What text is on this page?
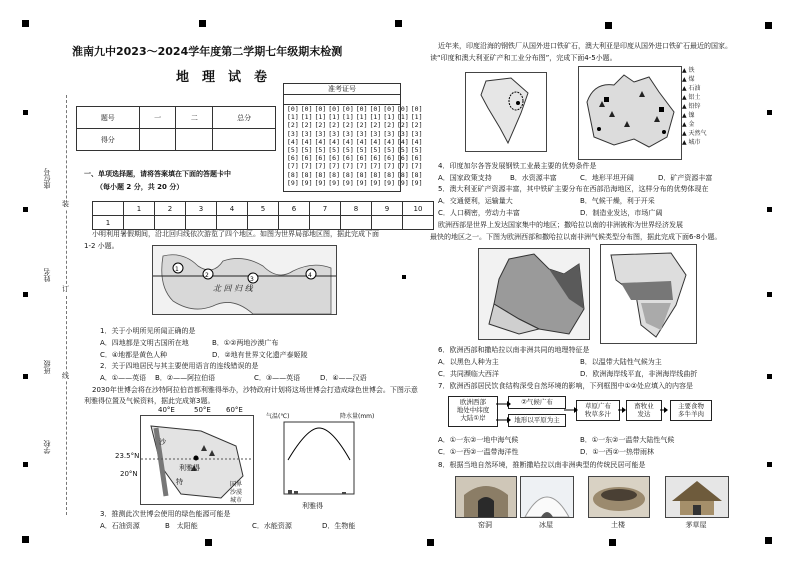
座位号
姓名
班级
学校
装
订
线
淮南九中2023～2024学年度第二学期七年级期末检测
地　理　试　卷
题号	一	二	总分
得分			
准考证号
[0]	[0]	[0]	[0]	[0]	[0]	[0]	[0]	[0]	[0]
[1]	[1]	[1]	[1]	[1]	[1]	[1]	[1]	[1]	[1]
[2]	[2]	[2]	[2]	[2]	[2]	[2]	[2]	[2]	[2]
[3]	[3]	[3]	[3]	[3]	[3]	[3]	[3]	[3]	[3]
[4]	[4]	[4]	[4]	[4]	[4]	[4]	[4]	[4]	[4]
[5]	[5]	[5]	[5]	[5]	[5]	[5]	[5]	[5]	[5]
[6]	[6]	[6]	[6]	[6]	[6]	[6]	[6]	[6]	[6]
[7]	[7]	[7]	[7]	[7]	[7]	[7]	[7]	[7]	[7]
[8]	[8]	[8]	[8]	[8]	[8]	[8]	[8]	[8]	[8]
[9]	[9]	[9]	[9]	[9]	[9]	[9]	[9]	[9]	[9]
一、单项选择题，请将答案填在下面的答题卡中
（每小题 2 分，共 20 分）
	1	2	3	4	5	6	7	8	9	10
1										
小明利用暑假期间，沿北回归线依次游览了四个地区。如图为世界局部地区图，据此完成下面
1-2 小题。
1
2
3
4
北 回 归 线
1．关于小明所见所闻正确的是
A．四地都是文明古国所在地	B．①②两地沙漠广布
C．④地都是黄色人种	D．②地有世界文化遗产泰姬陵
2．关于四地居民与其主要使用语言的连线错误的是
A．①——英语 B．②——阿拉伯语	C．③——英语	D．④——汉语
2030年世博会将在沙特阿拉伯首都利雅得举办，沙特政府计划将这场世博会打造成绿色世博会。下图示意
利雅得位置及气候资料，据此完成第3题。
沙
利雅得
特
40°E	50°E 60°E
23.5°N
20°N
国界
沙漠
城市
气温(℃)	降水量(mm)
利雅得
3．推测此次世博会使用的绿色能源可能是
A．石油资源	B　太阳能	C．水能资源	D．生物能
近年来，印度沿海的钢铁厂从国外进口铁矿石，澳大利亚是印度从国外进口铁矿石最近的国家。
读“印度和澳大利亚矿产和工业分布图”，完成下面4-5小题。
▲ 铁
▲ 煤
▲ 石油
▲ 铝土
▲ 铅锌
▲ 镍
▲ 金
▲ 天然气
▲ 城市
4．印度加尔各答发展钢铁工业最主要的优势条件是
A．国家政策支持	B．水资源丰富	C．地形平坦开阔	D．矿产资源丰富
5．澳大利亚矿产资源丰富，其中铁矿主要分布在西部沿海地区，这样分布的优势体现在
A．交通便利，运输量大	B．气候干燥，利于开采
C．人口稠密，劳动力丰富	D．制造业发达，市场广阔
欧洲西部是世界上发达国家集中的地区；撒哈拉以南的非洲被称为世界经济发展
最快的地区之一。下图为欧洲西部和撒哈拉以南非洲气候类型分布图，据此完成下面6-8小题。
6．欧洲西部和撒哈拉以南非洲共同的地理特征是
A．以黑色人种为主	B．以温带大陆性气候为主
C．共同濒临大西洋	D．欧洲海岸线平直，非洲海岸线曲折
7．欧洲西部居民饮食结构深受自然环境的影响，下列框图中①②处应填入的内容是
欧洲西部
地处中纬度
大陆①岸
②气候广布
地形以平原为主
草原广布
牧草多汁
畜牧业
发达
主要食物
多牛羊肉
A．①一东②一地中海气候	B．①一东②一温带大陆性气候
C．①一西②一温带海洋性	D．①一西②一热带雨林
8．根据当地自然环境，推断撒哈拉以南非洲典型的传统民居可能是
窑洞	冰屋	土楼	茅草屋
